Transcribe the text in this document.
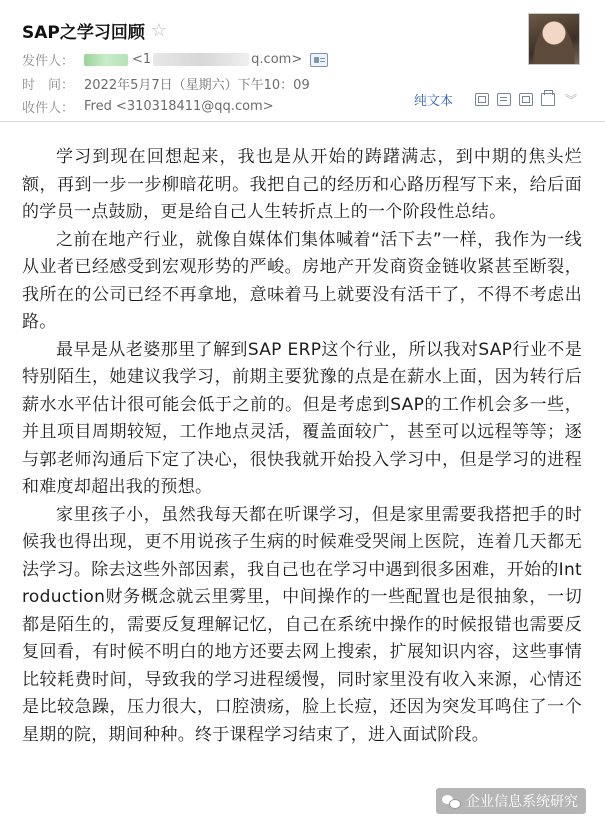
SAP之学习回顾 ☆
发件人：	<1	q.com>
时　间： 2022年5月7日（星期六）下午10：09
收件人： Fred <310318411@qq.com>	纯文本	︾

学习到现在回想起来，我也是从开始的踌躇满志，到中期的焦头烂额，再到一步一步柳暗花明。我把自己的经历和心路历程写下来，给后面的学员一点鼓励，更是给自己人生转折点上的一个阶段性总结。

之前在地产行业，就像自媒体们集体喊着“活下去”一样，我作为一线从业者已经感受到宏观形势的严峻。房地产开发商资金链收紧甚至断裂，我所在的公司已经不再拿地，意味着马上就要没有活干了，不得不考虑出路。

最早是从老婆那里了解到SAP ERP这个行业，所以我对SAP行业不是特别陌生，她建议我学习，前期主要犹豫的点是在薪水上面，因为转行后薪水水平估计很可能会低于之前的。但是考虑到SAP的工作机会多一些，并且项目周期较短，工作地点灵活，覆盖面较广，甚至可以远程等等；逐与郭老师沟通后下定了决心，很快我就开始投入学习中，但是学习的进程和难度却超出我的预想。

家里孩子小，虽然我每天都在听课学习，但是家里需要我搭把手的时候我也得出现，更不用说孩子生病的时候难受哭闹上医院，连着几天都无法学习。除去这些外部因素，我自己也在学习中遇到很多困难，开始的Introduction财务概念就云里雾里，中间操作的一些配置也是很抽象，一切都是陌生的，需要反复理解记忆，自己在系统中操作的时候报错也需要反复回看，有时候不明白的地方还要去网上搜索，扩展知识内容，这些事情比较耗费时间，导致我的学习进程缓慢，同时家里没有收入来源，心情还是比较急躁，压力很大，口腔溃疡，脸上长痘，还因为突发耳鸣住了一个星期的院，期间种种。终于课程学习结束了，进入面试阶段。

企业信息系统研究
